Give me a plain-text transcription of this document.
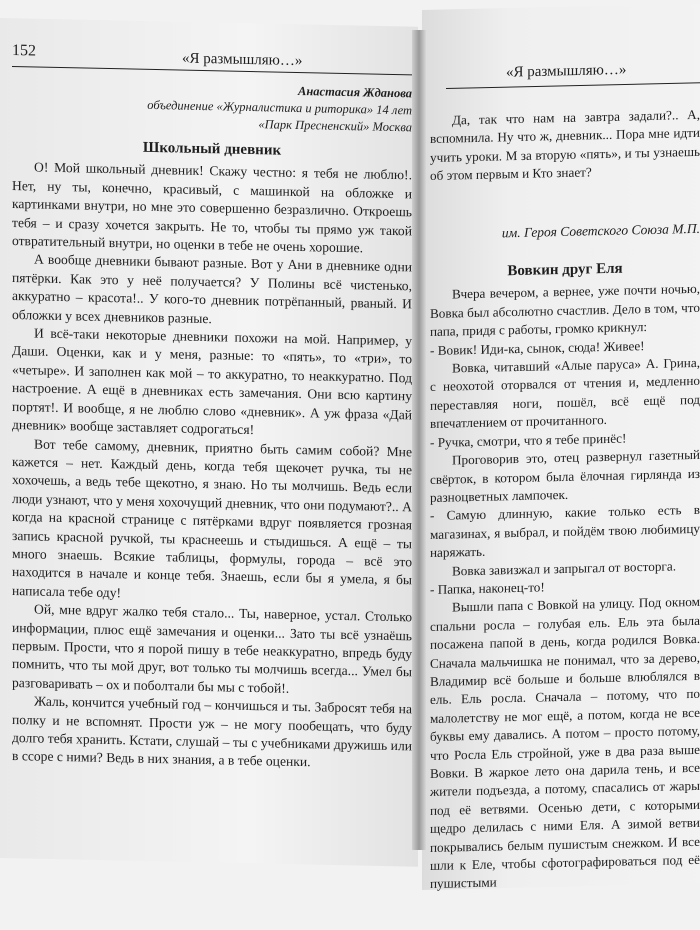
152	«Я размышляю…»
Анастасия Жданова
объединение «Журналистика и риторика» 14 лет
«Парк Пресненский» Москва
Школьный дневник

О! Мой школьный дневник! Скажу честно: я тебя не люблю!. Нет, ну ты, конечно, красивый, с машинкой на обложке и картинками внутри, но мне это совершенно безразлично. Откроешь тебя – и сразу хочется закрыть. Не то, чтобы ты прямо уж такой отвратительный внутри, но оценки в тебе не очень хорошие.

А вообще дневники бывают разные. Вот у Ани в дневнике одни пятёрки. Как это у неё получается? У Полины всё чистенько, аккуратно – красота!.. У кого-то дневник потрёпанный, рваный. И обложки у всех дневников разные.

И всё-таки некоторые дневники похожи на мой. Например, у Даши. Оценки, как и у меня, разные: то «пять», то «три», то «четыре». И заполнен как мой – то аккуратно, то неаккуратно. Под настроение. А ещё в дневниках есть замечания. Они всю картину портят!. И вообще, я не люблю слово «дневник». А уж фраза «Дай дневник» вообще заставляет содрогаться!

Вот тебе самому, дневник, приятно быть самим собой? Мне кажется – нет. Каждый день, когда тебя щекочет ручка, ты не хохочешь, а ведь тебе щекотно, я знаю. Но ты молчишь. Ведь если люди узнают, что у меня хохочущий дневник, что они подумают?.. А когда на красной странице с пятёрками вдруг появляется грозная запись красной ручкой, ты краснеешь и стыдишься. А ещё – ты много знаешь. Всякие таблицы, формулы, города – всё это находится в начале и конце тебя. Знаешь, если бы я умела, я бы написала тебе оду!

Ой, мне вдруг жалко тебя стало... Ты, наверное, устал. Столько информации, плюс ещё замечания и оценки... Зато ты всё узнаёшь первым. Прости, что я порой пишу в тебе неаккуратно, впредь буду помнить, что ты мой друг, вот только ты молчишь всегда... Умел бы разговаривать – ох и поболтали бы мы с тобой!.

Жаль, кончится учебный год – кончишься и ты. Забросят тебя на полку и не вспомнят. Прости уж – не могу пообещать, что буду долго тебя хранить. Кстати, слушай – ты с учебниками дружишь или в ссоре с ними? Ведь в них знания, а в тебе оценки.

«Я размышляю…»

Да, так что нам на завтра задали?.. А, вспомнила. Ну что ж, дневник... Пора мне идти учить уроки. М за вторую «пять», и ты узнаешь об этом первым и Кто знает?

им. Героя Советского Союза М.П.
Вовкин друг Еля

Вчера вечером, а вернее, уже почти ночью, Вовка был абсолютно счастлив. Дело в том, что папа, придя с работы, громко крикнул:

- Вовик! Иди-ка, сынок, сюда! Живее!

Вовка, читавший «Алые паруса» А. Грина, с неохотой оторвался от чтения и, медленно переставляя ноги, пошёл, всё ещё под впечатлением от прочитанного.

- Ручка, смотри, что я тебе принёс!

Проговорив это, отец развернул газетный свёрток, в котором была ёлочная гирлянда из разноцветных лампочек.

- Самую длинную, какие только есть в магазинах, я выбрал, и пойдём твою любимицу наряжать.

Вовка завизжал и запрыгал от восторга.

- Папка, наконец-то!

Вышли папа с Вовкой на улицу. Под окном спальни росла – голубая ель. Ель эта была посажена папой в день, когда родился Вовка. Сначала мальчишка не понимал, что за дерево, Владимир всё больше и больше влюблялся в ель. Ель росла. Сначала – потому, что по малолетству не мог ещё, а потом, когда не все буквы ему давались. А потом – просто потому, что Росла Ель стройной, уже в два раза выше Вовки. В жаркое лето она дарила тень, и все жители подъезда, а потому, спасались от жары под её ветвями. Осенью дети, с которыми щедро делилась с ними Еля. А зимой ветви покрывались белым пушистым снежком. И все шли к Еле, чтобы сфотографироваться под её пушистыми
